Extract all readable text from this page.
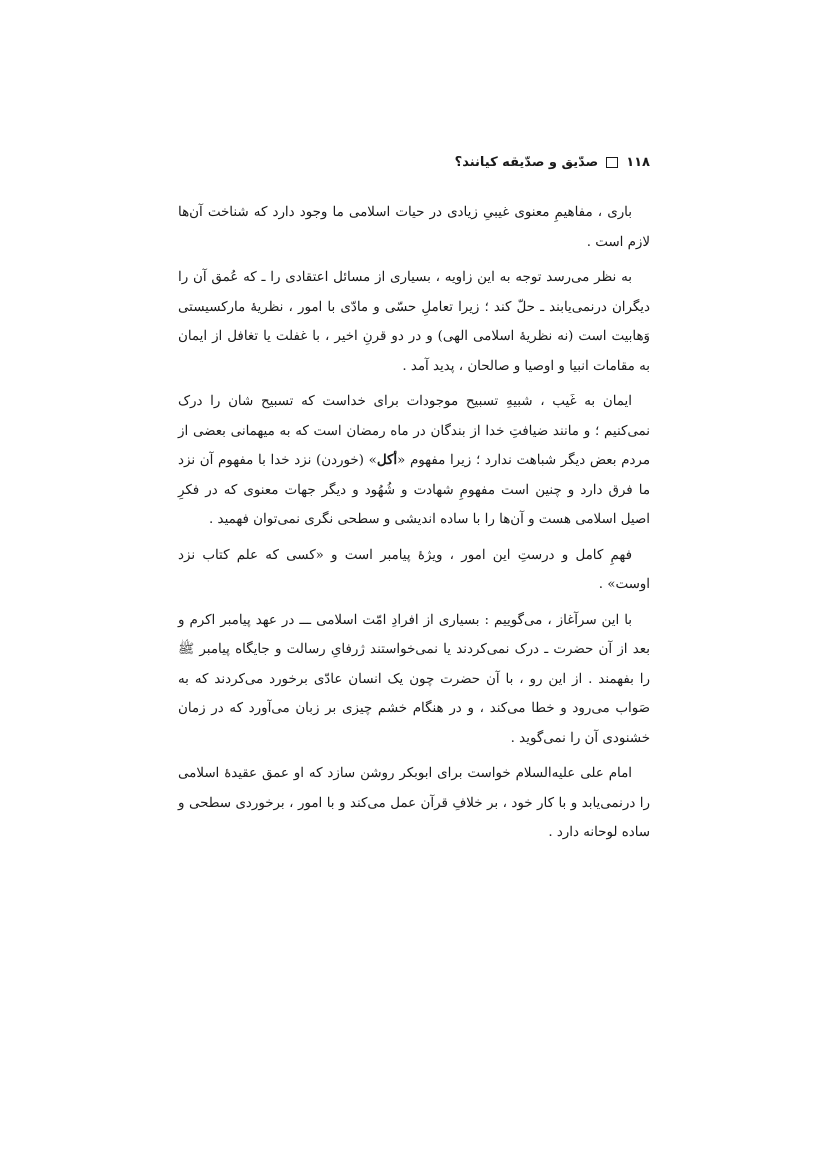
۱۱۸
صدّیق و صدّیقه کیانند؟

باری ، مفاهیمِ معنوی غیبیِ زیادی در حیات اسلامی ما وجود دارد که شناخت آن‌ها لازم است .

به نظر می‌رسد توجه به این زاویه ، بسیاری از مسائل اعتقادی را ـ که عُمق آن را دیگران درنمی‌یابند ـ حلّ کند ؛ زیرا تعاملِ حسّی و مادّی با امور ، نظریهٔ مارکسیستی وَهابیت است (نه نظریهٔ اسلامی الهی) و در دو قرنِ اخیر ، با غفلت یا تغافل از ایمان به مقامات انبیا و اوصیا و صالحان ، پدید آمد .

ایمان به غَیب ، شبیهِ تسبیح موجودات برای خداست که تسبیح شان را درک نمی‌کنیم ؛ و مانند ضیافتِ خدا از بندگان در ماه رمضان است که به میهمانی بعضی از مردم بعض دیگر شباهت ندارد ؛ زیرا مفهوم «أکل» (خوردن) نزد خدا با مفهوم آن نزد ما فرق دارد و چنین است مفهومِ شهادت و شُهُود و دیگر جهات معنوی که در فکرِ اصیل اسلامی هست و آن‌ها را با ساده اندیشی و سطحی نگری نمی‌توان فهمید .

فهمِ کامل و درستِ این امور ، ویژهٔ پیامبر است و «کسی که علم کتاب نزد اوست» .

با این سرآغاز ، می‌گوییم : بسیاری از افرادِ امّت اسلامی ـــ در عهد پیامبر اکرم و بعد از آن حضرت ـ درک نمی‌کردند یا نمی‌خواستند ژرفایِ رسالت و جایگاه پیامبر ﷺ را بفهمند . از این رو ، با آن حضرت چون یک انسان عادّی برخورد می‌کردند که به صَواب می‌رود و خطا می‌کند ، و در هنگام خشم چیزی بر زبان می‌آورد که در زمان خشنودی آن را نمی‌گوید .

امام علی علیه‌السلام خواست برای ابوبکر روشن سازد که او عمق عقیدهٔ اسلامی را درنمی‌یابد و با کار خود ، بر خلافِ قرآن عمل می‌کند و با امور ، برخوردی سطحی و ساده لوحانه دارد .
